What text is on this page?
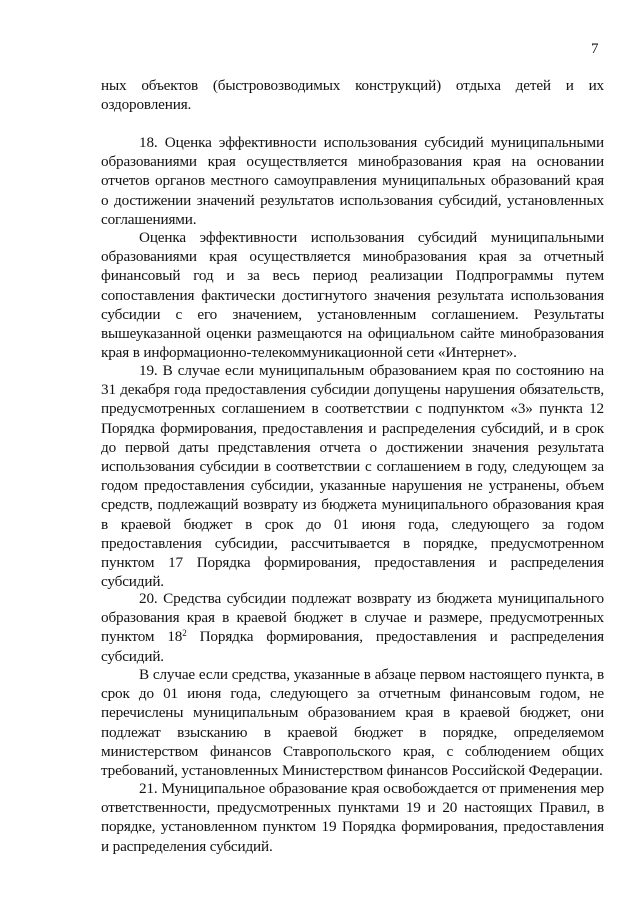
7

ных объектов (быстровозводимых конструкций) отдыха детей и их оздоровления.

18. Оценка эффективности использования субсидий муниципальными образованиями края осуществляется минобразования края на основании отчетов органов местного самоуправления муниципальных образований края о достижении значений результатов использования субсидий, установленных соглашениями.

Оценка эффективности использования субсидий муниципальными образованиями края осуществляется минобразования края за отчетный финансовый год и за весь период реализации Подпрограммы путем сопоставления фактически достигнутого значения результата использования субсидии с его значением, установленным соглашением. Результаты вышеуказанной оценки размещаются на официальном сайте минобразования края в информационно-телекоммуникационной сети «Интернет».

19. В случае если муниципальным образованием края по состоянию на 31 декабря года предоставления субсидии допущены нарушения обязательств, предусмотренных соглашением в соответствии с подпунктом «3» пункта 12 Порядка формирования, предоставления и распределения субсидий, и в срок до первой даты представления отчета о достижении значения результата использования субсидии в соответствии с соглашением в году, следующем за годом предоставления субсидии, указанные нарушения не устранены, объем средств, подлежащий возврату из бюджета муниципального образования края в краевой бюджет в срок до 01 июня года, следующего за годом предоставления субсидии, рассчитывается в порядке, предусмотренном пунктом 17 Порядка формирования, предоставления и распределения субсидий.

20. Средства субсидии подлежат возврату из бюджета муниципального образования края в краевой бюджет в случае и размере, предусмотренных пунктом $18^2$ Порядка формирования, предоставления и распределения субсидий.

В случае если средства, указанные в абзаце первом настоящего пункта, в срок до 01 июня года, следующего за отчетным финансовым годом, не перечислены муниципальным образованием края в краевой бюджет, они подлежат взысканию в краевой бюджет в порядке, определяемом министерством финансов Ставропольского края, с соблюдением общих требований, установленных Министерством финансов Российской Федерации.

21. Муниципальное образование края освобождается от применения мер ответственности, предусмотренных пунктами 19 и 20 настоящих Правил, в порядке, установленном пунктом 19 Порядка формирования, предоставления и распределения субсидий.
